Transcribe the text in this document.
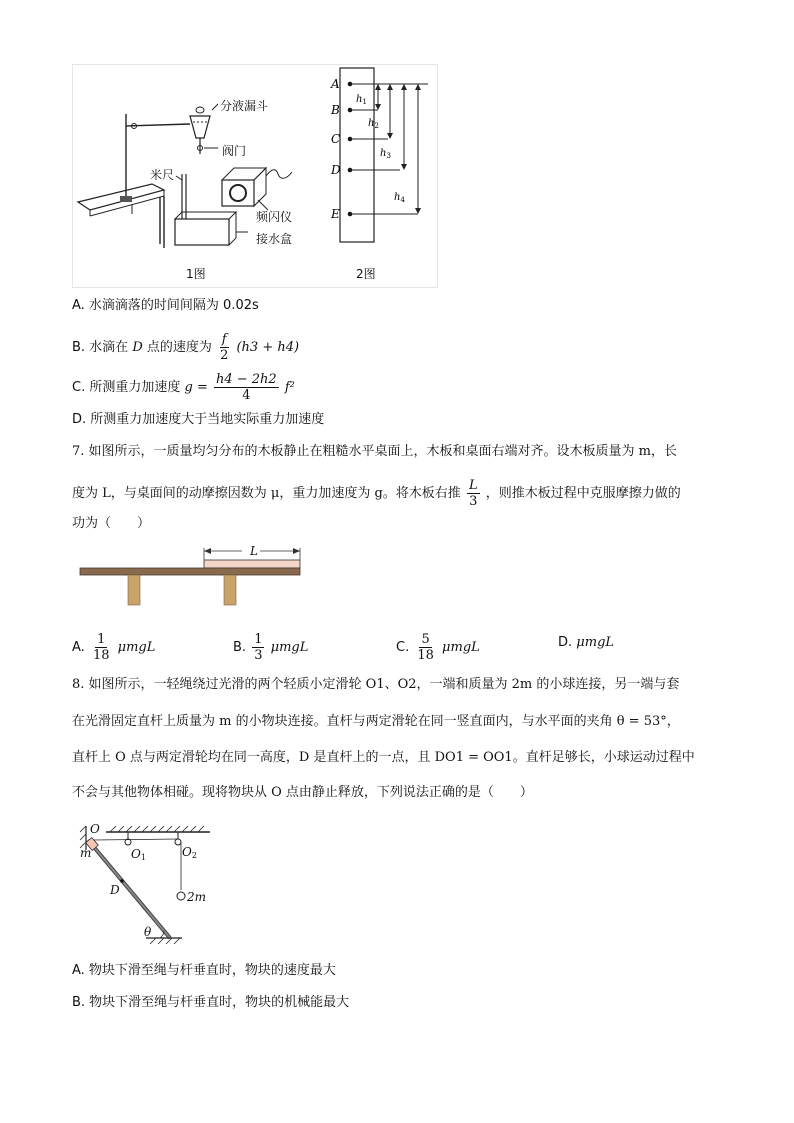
分液漏斗
阀门
米尺
频闪仪
接水盒
1图
A
B
C
D
E
$h_1$
$h_2$
$h_3$
$h_4$
2图
A. 水滴滴落的时间间隔为 0.02s
B. 水滴在 D 点的速度为 $\frac{f}{2} (h3 + h4)$
C. 所测重力加速度 $g = \frac{h4 - 2h2}{4} f^2$
D. 所测重力加速度大于当地实际重力加速度
7. 如图所示，一质量均匀分布的木板静止在粗糙水平桌面上，木板和桌面右端对齐。设木板质量为 m，长
度为 L，与桌面间的动摩擦因数为 μ，重力加速度为 g。将木板右推 $\frac{L}{3}$ ，则推木板过程中克服摩擦力做的
功为（　　）
L
A. $\frac{1}{18}$ μmgL	B. $\frac{1}{3}$ μmgL	C. $\frac{5}{18}$ μmgL	D. μmgL
8. 如图所示，一轻绳绕过光滑的两个轻质小定滑轮 O1、O2，一端和质量为 2m 的小球连接，另一端与套
在光滑固定直杆上质量为 m 的小物块连接。直杆与两定滑轮在同一竖直面内，与水平面的夹角 θ = 53°，
直杆上 O 点与两定滑轮均在同一高度，D 是直杆上的一点，且 DO1 = OO1。直杆足够长，小球运动过程中
不会与其他物体相碰。现将物块从 O 点由静止释放，下列说法正确的是（　　）
O
m	O1	O2
D	2m
θ
A. 物块下滑至绳与杆垂直时，物块的速度最大
B. 物块下滑至绳与杆垂直时，物块的机械能最大
